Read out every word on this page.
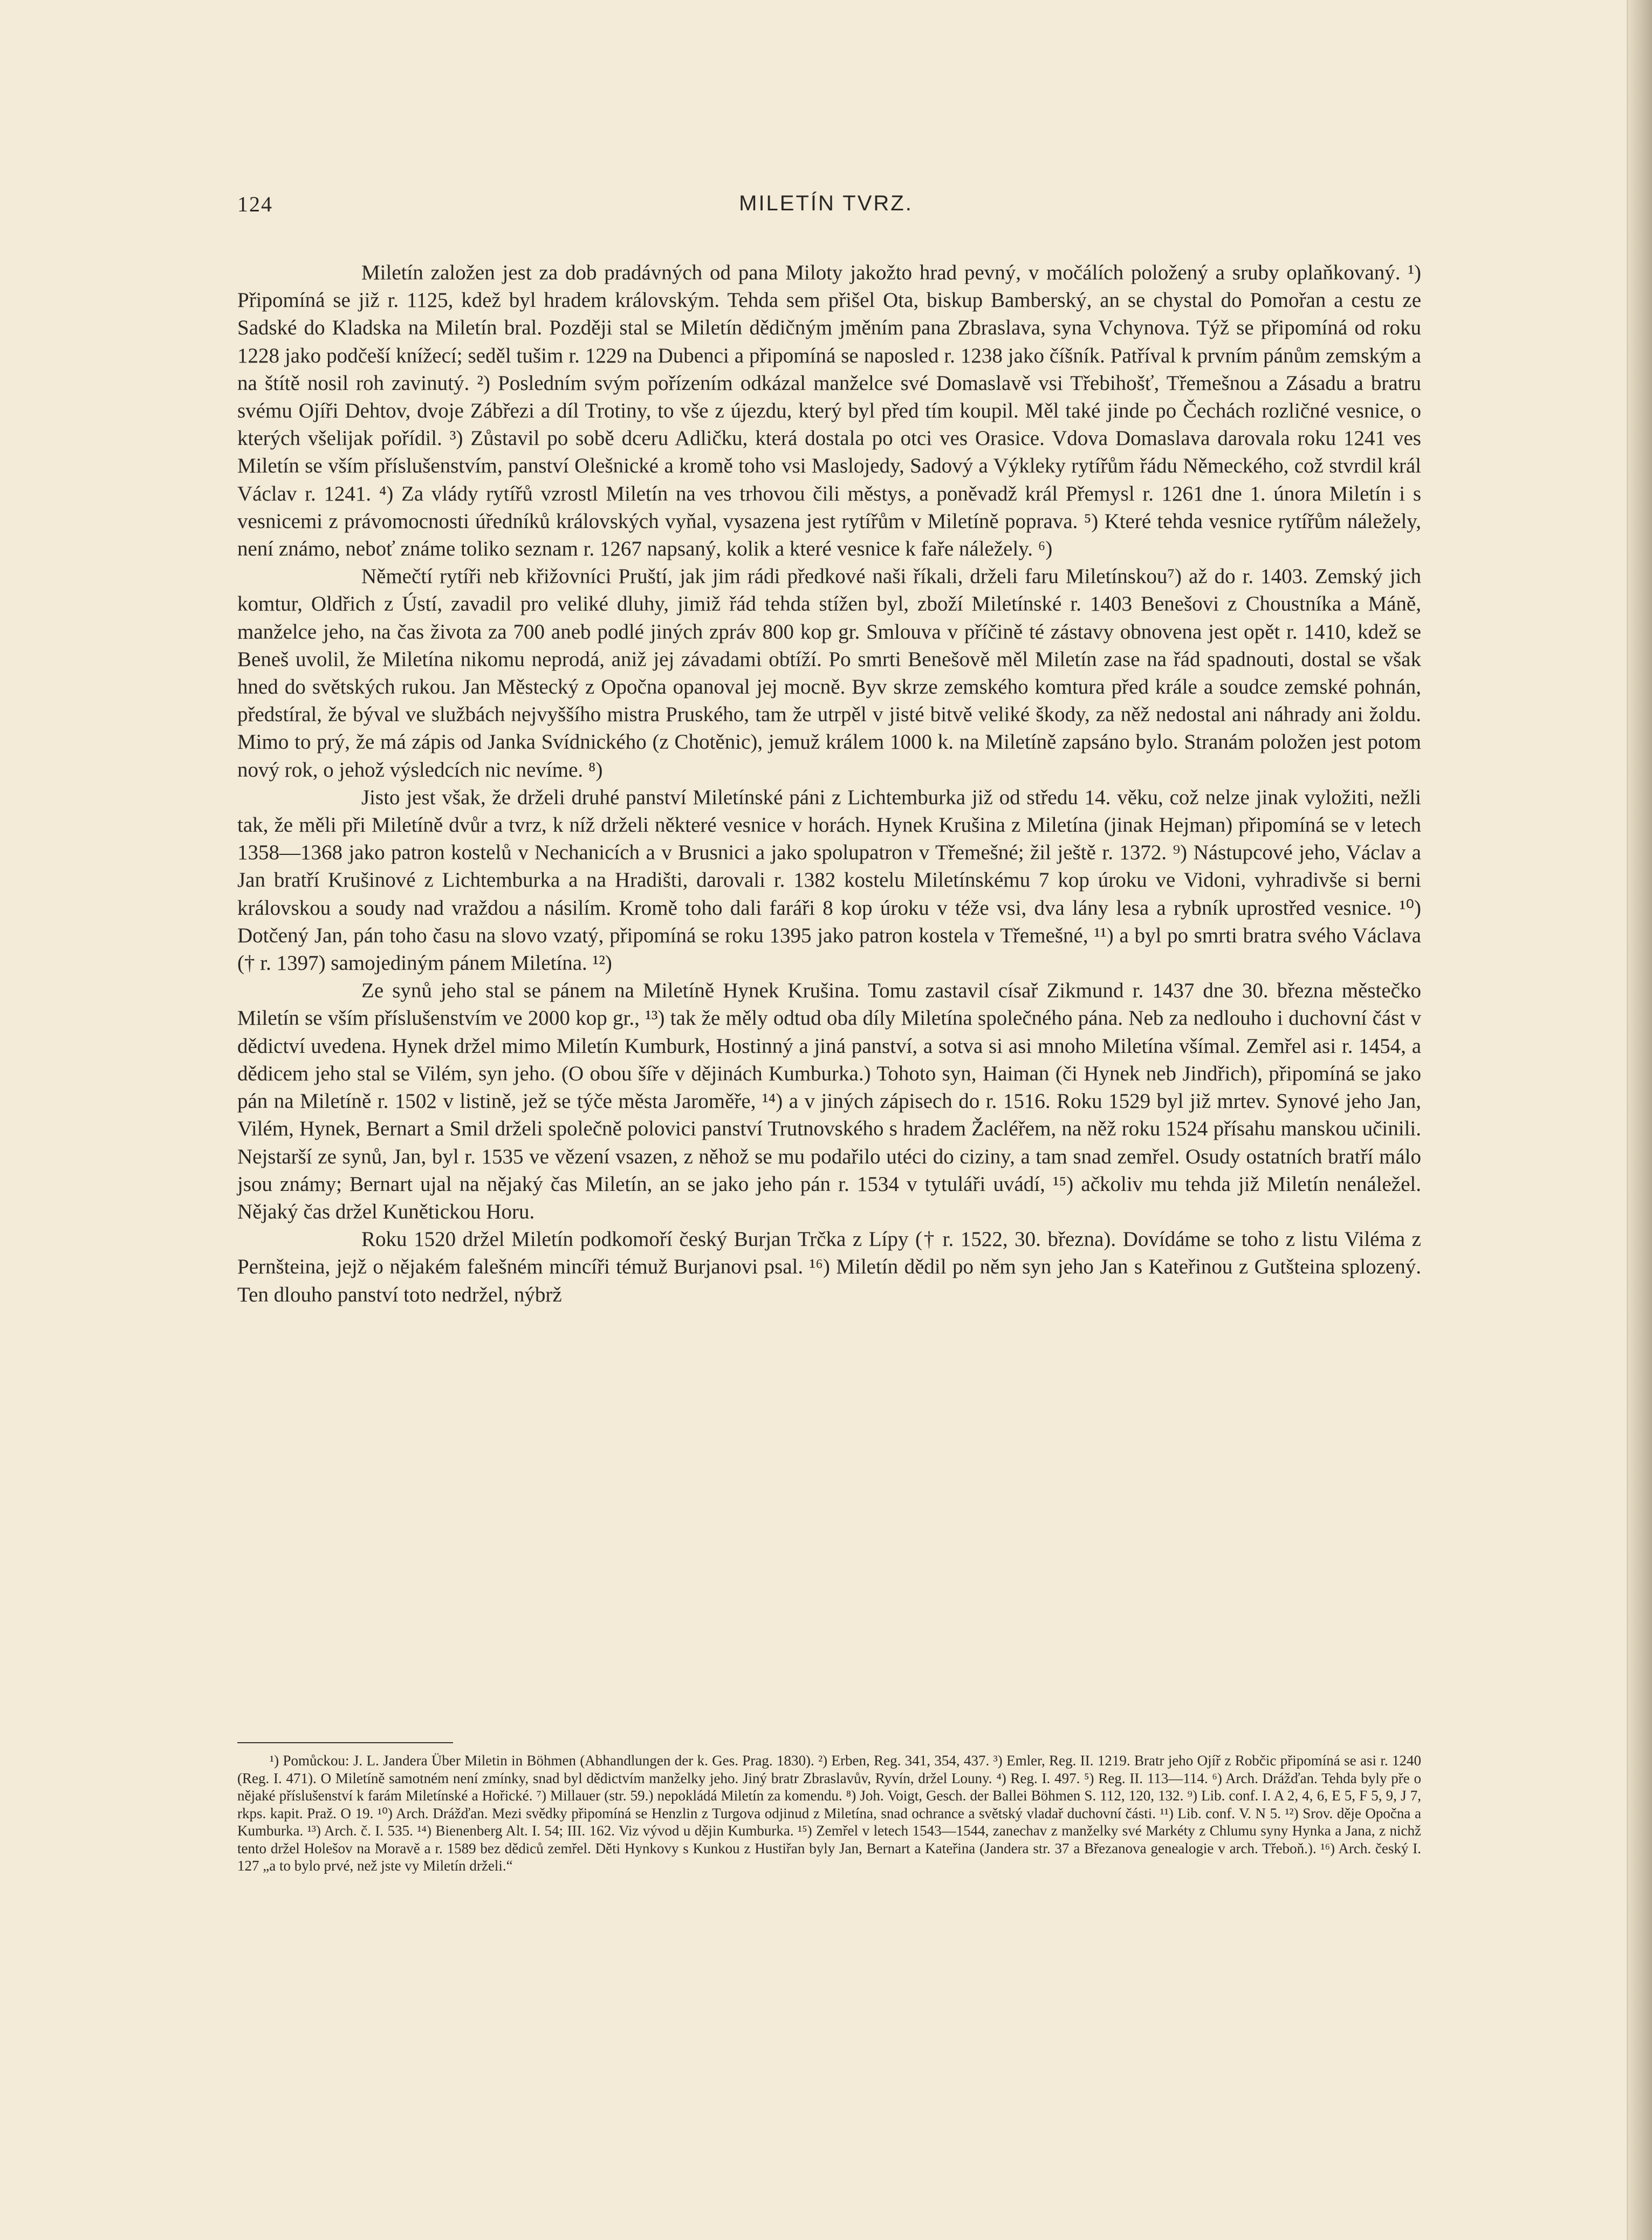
124	MILETÍN TVRZ.

Miletín založen jest za dob pradávných od pana Miloty jakožto hrad pevný, v močálích položený a sruby oplaňkovaný. ¹) Připomíná se již r. 1125, kdež byl hradem královským. Tehda sem přišel Ota, biskup Bamberský, an se chystal do Pomořan a cestu ze Sadské do Kladska na Miletín bral. Později stal se Miletín dědičným jměním pana Zbraslava, syna Vchynova. Týž se připomíná od roku 1228 jako podčeší knížecí; seděl tušim r. 1229 na Dubenci a připomíná se naposled r. 1238 jako číšník. Patříval k prvním pánům zemským a na štítě nosil roh zavinutý. ²) Posledním svým pořízením odkázal manželce své Domaslavě vsi Třebihošť, Třemešnou a Zásadu a bratru svému Ojíři Dehtov, dvoje Zábřezi a díl Trotiny, to vše z újezdu, který byl před tím koupil. Měl také jinde po Čechách rozličné vesnice, o kterých všelijak pořídil. ³) Zůstavil po sobě dceru Adličku, která dostala po otci ves Orasice. Vdova Domaslava darovala roku 1241 ves Miletín se vším příslušenstvím, panství Olešnické a kromě toho vsi Maslojedy, Sadový a Výkleky rytířům řádu Německého, což stvrdil král Václav r. 1241. ⁴) Za vlády rytířů vzrostl Miletín na ves trhovou čili městys, a poněvadž král Přemysl r. 1261 dne 1. února Miletín i s vesnicemi z právomocnosti úředníků královských vyňal, vysazena jest rytířům v Miletíně poprava. ⁵) Které tehda vesnice rytířům náležely, není známo, neboť známe toliko seznam r. 1267 napsaný, kolik a které vesnice k faře náležely. ⁶)

Němečtí rytíři neb křižovníci Pruští, jak jim rádi předkové naši říkali, drželi faru Miletínskou⁷) až do r. 1403. Zemský jich komtur, Oldřich z Ústí, zavadil pro veliké dluhy, jimiž řád tehda stížen byl, zboží Miletínské r. 1403 Benešovi z Choustníka a Máně, manželce jeho, na čas života za 700 aneb podlé jiných zpráv 800 kop gr. Smlouva v příčině té zástavy obnovena jest opět r. 1410, kdež se Beneš uvolil, že Miletína nikomu neprodá, aniž jej závadami obtíží. Po smrti Benešově měl Miletín zase na řád spadnouti, dostal se však hned do světských rukou. Jan Městecký z Opočna opanoval jej mocně. Byv skrze zemského komtura před krále a soudce zemské pohnán, předstíral, že býval ve službách nejvyššího mistra Pruského, tam že utrpěl v jisté bitvě veliké škody, za něž nedostal ani náhrady ani žoldu. Mimo to prý, že má zápis od Janka Svídnického (z Chotěnic), jemuž králem 1000 k. na Miletíně zapsáno bylo. Stranám položen jest potom nový rok, o jehož výsledcích nic nevíme. ⁸)

Jisto jest však, že drželi druhé panství Miletínské páni z Lichtemburka již od středu 14. věku, což nelze jinak vyložiti, nežli tak, že měli při Miletíně dvůr a tvrz, k níž drželi některé vesnice v horách. Hynek Krušina z Miletína (jinak Hejman) připomíná se v letech 1358—1368 jako patron kostelů v Nechanicích a v Brusnici a jako spolupatron v Třemešné; žil ještě r. 1372. ⁹) Nástupcové jeho, Václav a Jan bratří Krušinové z Lichtemburka a na Hradišti, darovali r. 1382 kostelu Miletínskému 7 kop úroku ve Vidoni, vyhradivše si berni královskou a soudy nad vraždou a násilím. Kromě toho dali faráři 8 kop úroku v téže vsi, dva lány lesa a rybník uprostřed vesnice. ¹⁰) Dotčený Jan, pán toho času na slovo vzatý, připomíná se roku 1395 jako patron kostela v Třemešné, ¹¹) a byl po smrti bratra svého Václava († r. 1397) samojediným pánem Miletína. ¹²)

Ze synů jeho stal se pánem na Miletíně Hynek Krušina. Tomu zastavil císař Zikmund r. 1437 dne 30. března městečko Miletín se vším příslušenstvím ve 2000 kop gr., ¹³) tak že měly odtud oba díly Miletína společného pána. Neb za nedlouho i duchovní část v dědictví uvedena. Hynek držel mimo Miletín Kumburk, Hostinný a jiná panství, a sotva si asi mnoho Miletína všímal. Zemřel asi r. 1454, a dědicem jeho stal se Vilém, syn jeho. (O obou šíře v dějinách Kumburka.) Tohoto syn, Haiman (či Hynek neb Jindřich), připomíná se jako pán na Miletíně r. 1502 v listině, jež se týče města Jaroměře, ¹⁴) a v jiných zápisech do r. 1516. Roku 1529 byl již mrtev. Synové jeho Jan, Vilém, Hynek, Bernart a Smil drželi společně polovici panství Trutnovského s hradem Žacléřem, na něž roku 1524 přísahu manskou učinili. Nejstarší ze synů, Jan, byl r. 1535 ve vězení vsazen, z něhož se mu podařilo utéci do ciziny, a tam snad zemřel. Osudy ostatních bratří málo jsou známy; Bernart ujal na nějaký čas Miletín, an se jako jeho pán r. 1534 v tytuláři uvádí, ¹⁵) ačkoliv mu tehda již Miletín nenáležel. Nějaký čas držel Kunětickou Horu.

Roku 1520 držel Miletín podkomoří český Burjan Trčka z Lípy († r. 1522, 30. března). Dovídáme se toho z listu Viléma z Pernšteina, jejž o nějakém falešném mincíři témuž Burjanovi psal. ¹⁶) Miletín dědil po něm syn jeho Jan s Kateřinou z Gutšteina splozený. Ten dlouho panství toto nedržel, nýbrž

¹) Pomůckou: J. L. Jandera Über Miletin in Böhmen (Abhandlungen der k. Ges. Prag. 1830). ²) Erben, Reg. 341, 354, 437. ³) Emler, Reg. II. 1219. Bratr jeho Ojíř z Robčic připomíná se asi r. 1240 (Reg. I. 471). O Miletíně samotném není zmínky, snad byl dědictvím manželky jeho. Jiný bratr Zbraslavův, Ryvín, držel Louny. ⁴) Reg. I. 497. ⁵) Reg. II. 113—114. ⁶) Arch. Drážďan. Tehda byly pře o nějaké příslušenství k farám Miletínské a Hořické. ⁷) Millauer (str. 59.) nepokládá Miletín za komendu. ⁸) Joh. Voigt, Gesch. der Ballei Böhmen S. 112, 120, 132. ⁹) Lib. conf. I. A 2, 4, 6, E 5, F 5, 9, J 7, rkps. kapit. Praž. O 19. ¹⁰) Arch. Drážďan. Mezi svědky připomíná se Henzlin z Turgova odjinud z Miletína, snad ochrance a světský vladař duchovní části. ¹¹) Lib. conf. V. N 5. ¹²) Srov. děje Opočna a Kumburka. ¹³) Arch. č. I. 535. ¹⁴) Bienenberg Alt. I. 54; III. 162. Viz vývod u dějin Kumburka. ¹⁵) Zemřel v letech 1543—1544, zanechav z manželky své Markéty z Chlumu syny Hynka a Jana, z nichž tento držel Holešov na Moravě a r. 1589 bez dědiců zemřel. Děti Hynkovy s Kunkou z Hustiřan byly Jan, Bernart a Kateřina (Jandera str. 37 a Březanova genealogie v arch. Třeboň.). ¹⁶) Arch. český I. 127 „a to bylo prvé, než jste vy Miletín drželi.“
